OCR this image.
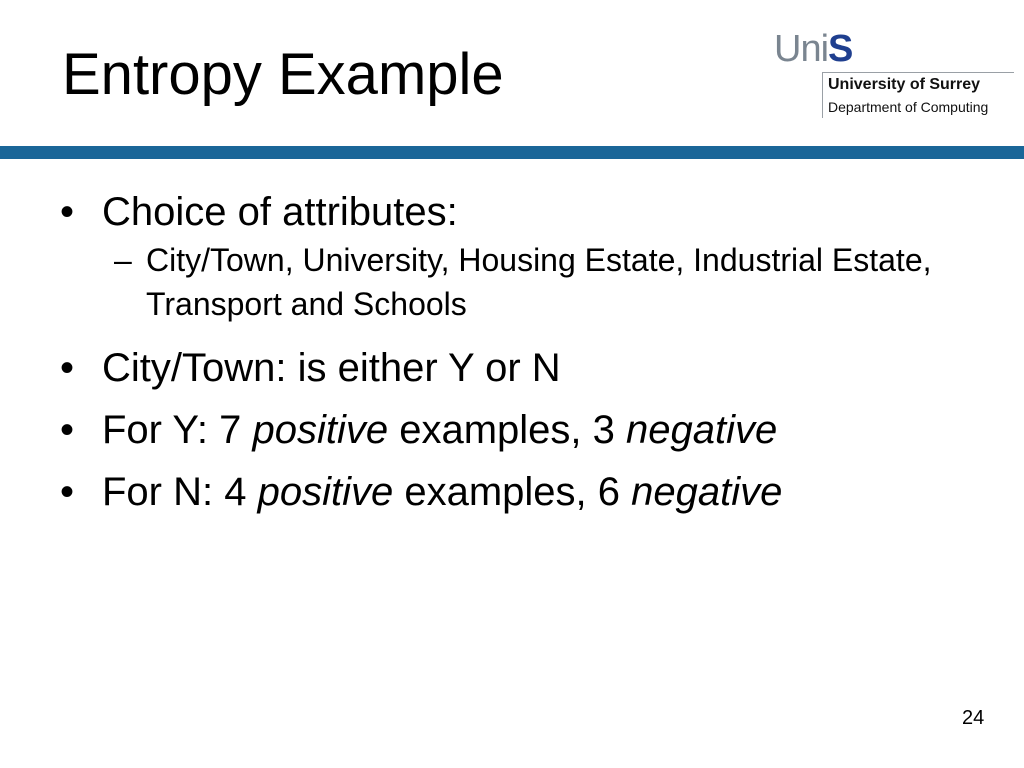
Entropy Example	UniS
University of Surrey
Department of Computing
• Choice of attributes:
– City/Town, University, Housing Estate, Industrial Estate, Transport and Schools
• City/Town: is either Y or N
• For Y: 7 positive examples, 3 negative
• For N: 4 positive examples, 6 negative
24
